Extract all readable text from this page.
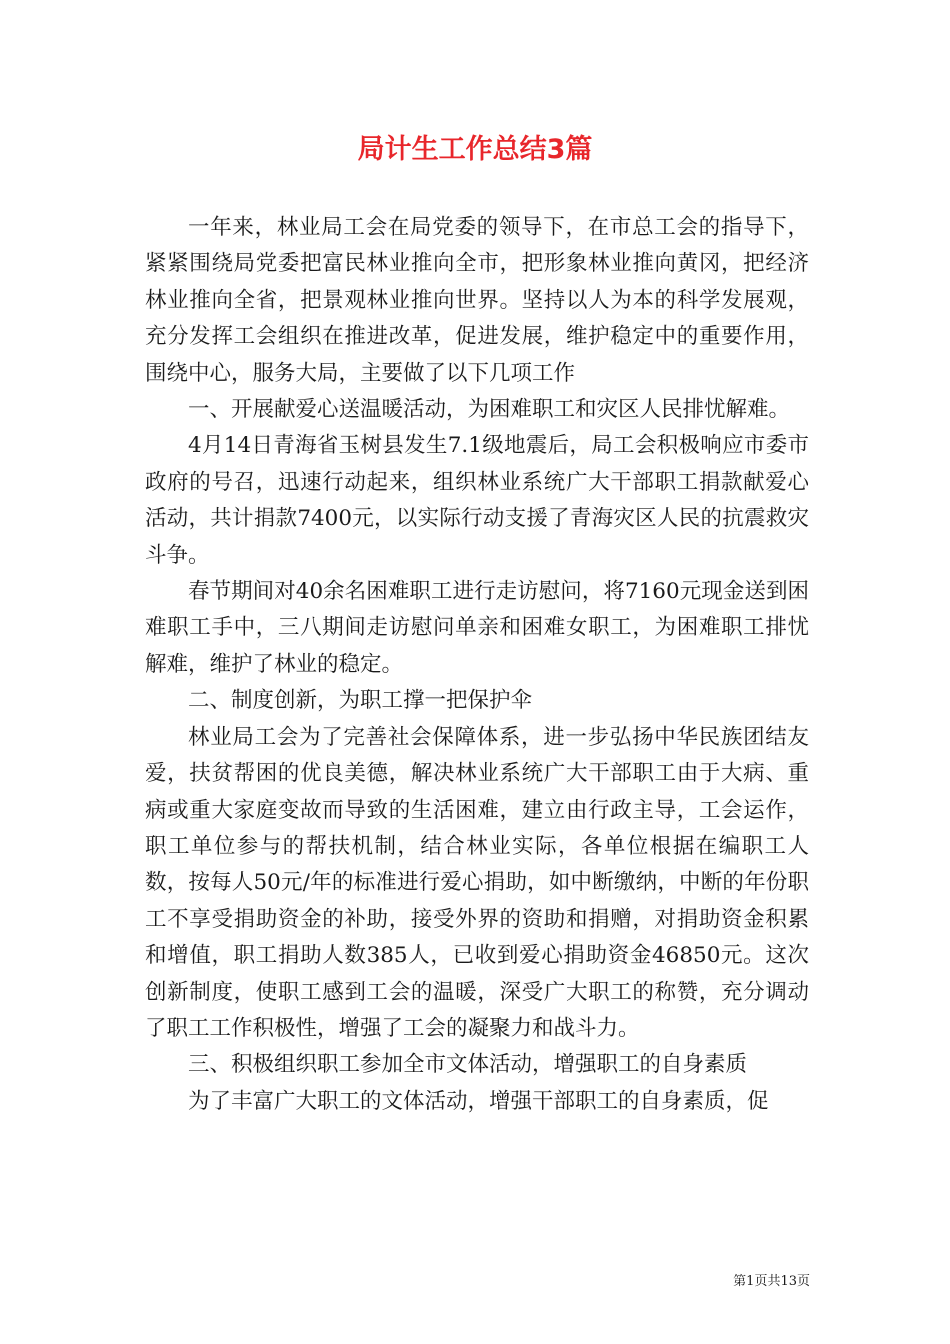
局计生工作总结3篇

一年来，林业局工会在局党委的领导下，在市总工会的指导下，紧紧围绕局党委把富民林业推向全市，把形象林业推向黄冈，把经济林业推向全省，把景观林业推向世界。坚持以人为本的科学发展观，充分发挥工会组织在推进改革，促进发展，维护稳定中的重要作用，围绕中心，服务大局，主要做了以下几项工作

一、开展献爱心送温暖活动，为困难职工和灾区人民排忧解难。

4月14日青海省玉树县发生7.1级地震后，局工会积极响应市委市政府的号召，迅速行动起来，组织林业系统广大干部职工捐款献爱心活动，共计捐款7400元，以实际行动支援了青海灾区人民的抗震救灾斗争。

春节期间对40余名困难职工进行走访慰问，将7160元现金送到困难职工手中，三八期间走访慰问单亲和困难女职工，为困难职工排忧解难，维护了林业的稳定。

二、制度创新，为职工撑一把保护伞

林业局工会为了完善社会保障体系，进一步弘扬中华民族团结友爱，扶贫帮困的优良美德，解决林业系统广大干部职工由于大病、重病或重大家庭变故而导致的生活困难，建立由行政主导，工会运作，职工单位参与的帮扶机制，结合林业实际，各单位根据在编职工人数，按每人50元/年的标准进行爱心捐助，如中断缴纳，中断的年份职工不享受捐助资金的补助，接受外界的资助和捐赠，对捐助资金积累和增值，职工捐助人数385人，已收到爱心捐助资金46850元。这次创新制度，使职工感到工会的温暖，深受广大职工的称赞，充分调动了职工工作积极性，增强了工会的凝聚力和战斗力。

三、积极组织职工参加全市文体活动，增强职工的自身素质

为了丰富广大职工的文体活动，增强干部职工的自身素质，促

第1页共13页
